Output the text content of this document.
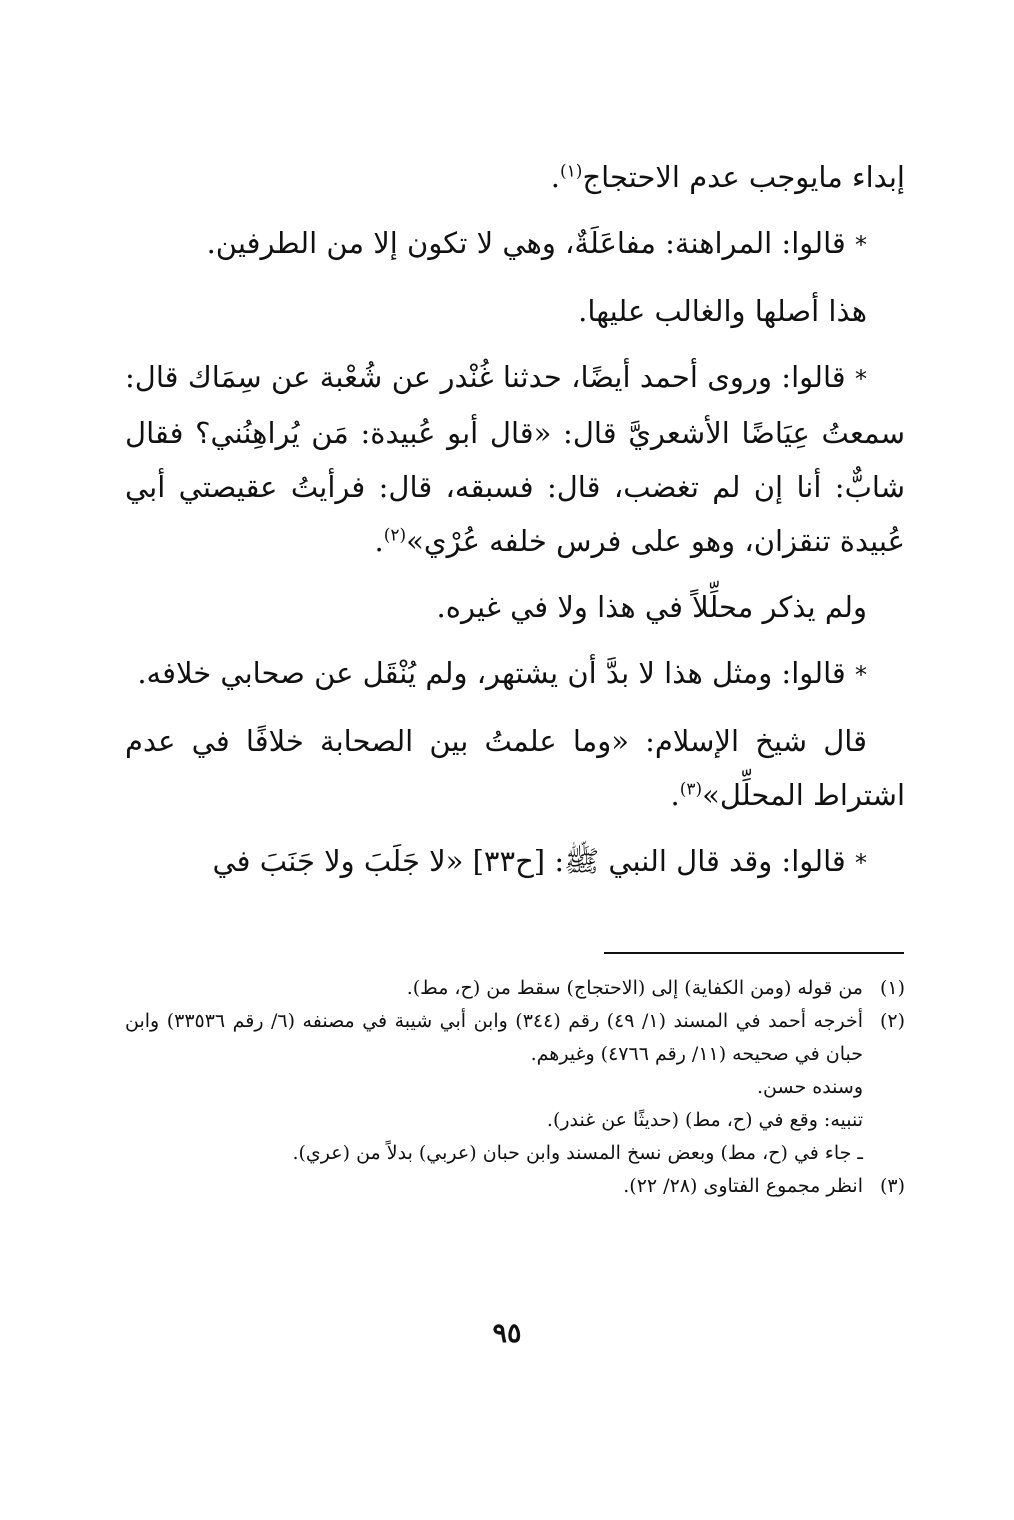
إبداء مايوجب عدم الاحتجاج$^{(١)}$.

* قالوا: المراهنة: مفاعَلَةٌ، وهي لا تكون إلا من الطرفين.

هذا أصلها والغالب عليها.

* قالوا: وروى أحمد أيضًا، حدثنا غُنْدر عن شُعْبة عن سِمَاك قال: سمعتُ عِيَاضًا الأشعريَّ قال: «قال أبو عُبيدة: مَن يُراهِنُني؟ فقال شابٌّ: أنا إن لم تغضب، قال: فسبقه، قال: فرأيتُ عقيصتي أبي عُبيدة تنقزان، وهو على فرس خلفه عُرْي»$^{(٢)}$.

ولم يذكر محلِّلاً في هذا ولا في غيره.

* قالوا: ومثل هذا لا بدَّ أن يشتهر، ولم يُنْقَل عن صحابي خلافه.

قال شيخ الإسلام: «وما علمتُ بين الصحابة خلافًا في عدم اشتراط المحلِّل»$^{(٣)}$.

* قالوا: وقد قال النبي ﷺ: [ح٣٣] «لا جَلَبَ ولا جَنَبَ في

(١)
من قوله (ومن الكفاية) إلى (الاحتجاج) سقط من (ح، مط).
(٢)
أخرجه أحمد في المسند (١/ ٤٩) رقم (٣٤٤) وابن أبي شيبة في مصنفه (٦/ رقم ٣٣٥٣٦) وابن حبان في صحيحه (١١/ رقم ٤٧٦٦) وغيرهم.
وسنده حسن.
تنبيه: وقع في (ح، مط) (حديثًا عن غندر).
ـ جاء في (ح، مط) وبعض نسخ المسند وابن حبان (عربي) بدلاً من (عري).
(٣)
انظر مجموع الفتاوى (٢٨/ ٢٢).
٩٥
